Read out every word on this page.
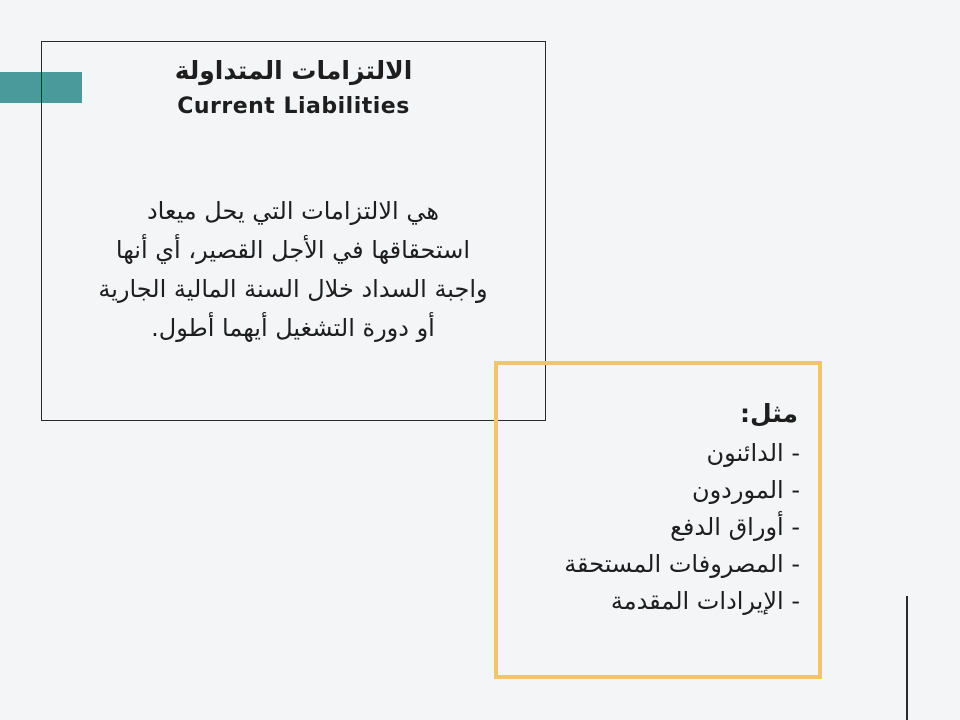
الالتزامات المتداولة
Current Liabilities
هي الالتزامات التي يحل ميعاد
استحقاقها في الأجل القصير، أي أنها
واجبة السداد خلال السنة المالية الجارية
أو دورة التشغيل أيهما أطول.
مثل:
- الدائنون
- الموردون
- أوراق الدفع
- المصروفات المستحقة
- الإيرادات المقدمة
